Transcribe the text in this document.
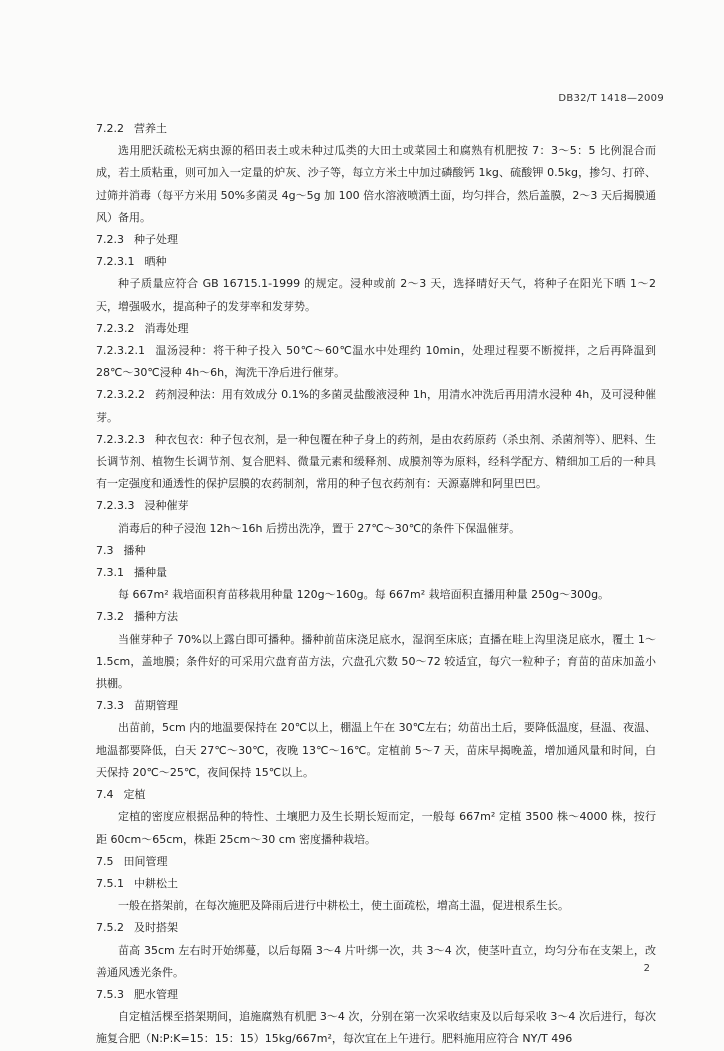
DB32/T 1418—2009
7.2.2 营养土
选用肥沃疏松无病虫源的稻田表土或未种过瓜类的大田土或菜园土和腐熟有机肥按 7：3～5：5 比例混合而成，若土质粘重，则可加入一定量的炉灰、沙子等，每立方米土中加过磷酸钙 1kg、硫酸钾 0.5kg，掺匀、打碎、过筛并消毒（每平方米用 50%多菌灵 4g～5g 加 100 倍水溶液喷洒土面，均匀拌合，然后盖膜，2～3 天后揭膜通风）备用。
7.2.3 种子处理
7.2.3.1 晒种
种子质量应符合 GB 16715.1-1999 的规定。浸种或前 2～3 天，选择晴好天气，将种子在阳光下晒 1～2 天，增强吸水，提高种子的发芽率和发芽势。
7.2.3.2 消毒处理
7.2.3.2.1 温汤浸种：将干种子投入 50℃～60℃温水中处理约 10min，处理过程要不断搅拌，之后再降温到 28℃～30℃浸种 4h～6h，淘洗干净后进行催芽。
7.2.3.2.2 药剂浸种法：用有效成分 0.1%的多菌灵盐酸液浸种 1h，用清水冲洗后再用清水浸种 4h，及可浸种催芽。
7.2.3.2.3 种衣包衣：种子包衣剂，是一种包覆在种子身上的药剂，是由农药原药（杀虫剂、杀菌剂等）、肥料、生长调节剂、植物生长调节剂、复合肥料、微量元素和缓释剂、成膜剂等为原料，经科学配方、精细加工后的一种具有一定强度和通透性的保护层膜的农药制剂，常用的种子包衣药剂有：天源嘉牌和阿里巴巴。
7.2.3.3 浸种催芽
消毒后的种子浸泡 12h～16h 后捞出洗净，置于 27℃～30℃的条件下保温催芽。
7.3 播种
7.3.1 播种量
每 667m² 栽培面积育苗移栽用种量 120g～160g。每 667m² 栽培面积直播用种量 250g～300g。
7.3.2 播种方法
当催芽种子 70%以上露白即可播种。播种前苗床浇足底水，湿润至床底；直播在畦上沟里浇足底水，覆土 1～1.5cm，盖地膜；条件好的可采用穴盘育苗方法，穴盘孔穴数 50～72 较适宜，每穴一粒种子；育苗的苗床加盖小拱棚。
7.3.3 苗期管理
出苗前，5cm 内的地温要保持在 20℃以上，棚温上午在 30℃左右；幼苗出土后，要降低温度，昼温、夜温、地温都要降低，白天 27℃～30℃，夜晚 13℃～16℃。定植前 5～7 天，苗床早揭晚盖，增加通风量和时间，白天保持 20℃～25℃，夜间保持 15℃以上。
7.4 定植
定植的密度应根据品种的特性、土壤肥力及生长期长短而定，一般每 667m² 定植 3500 株～4000 株，按行距 60cm～65cm，株距 25cm～30 cm 密度播种栽培。
7.5 田间管理
7.5.1 中耕松土
一般在搭架前，在每次施肥及降雨后进行中耕松土，使土面疏松，增高土温，促进根系生长。
7.5.2 及时搭架
苗高 35cm 左右时开始绑蔓，以后每隔 3～4 片叶绑一次，共 3～4 次，使茎叶直立，均匀分布在支架上，改善通风透光条件。
7.5.3 肥水管理
自定植活棵至搭架期间，追施腐熟有机肥 3～4 次，分别在第一次采收结束及以后每采收 3～4 次后进行，每次施复合肥（N:P:K=15：15：15）15kg/667m²，每次宜在上午进行。肥料施用应符合 NY/T 496
2
